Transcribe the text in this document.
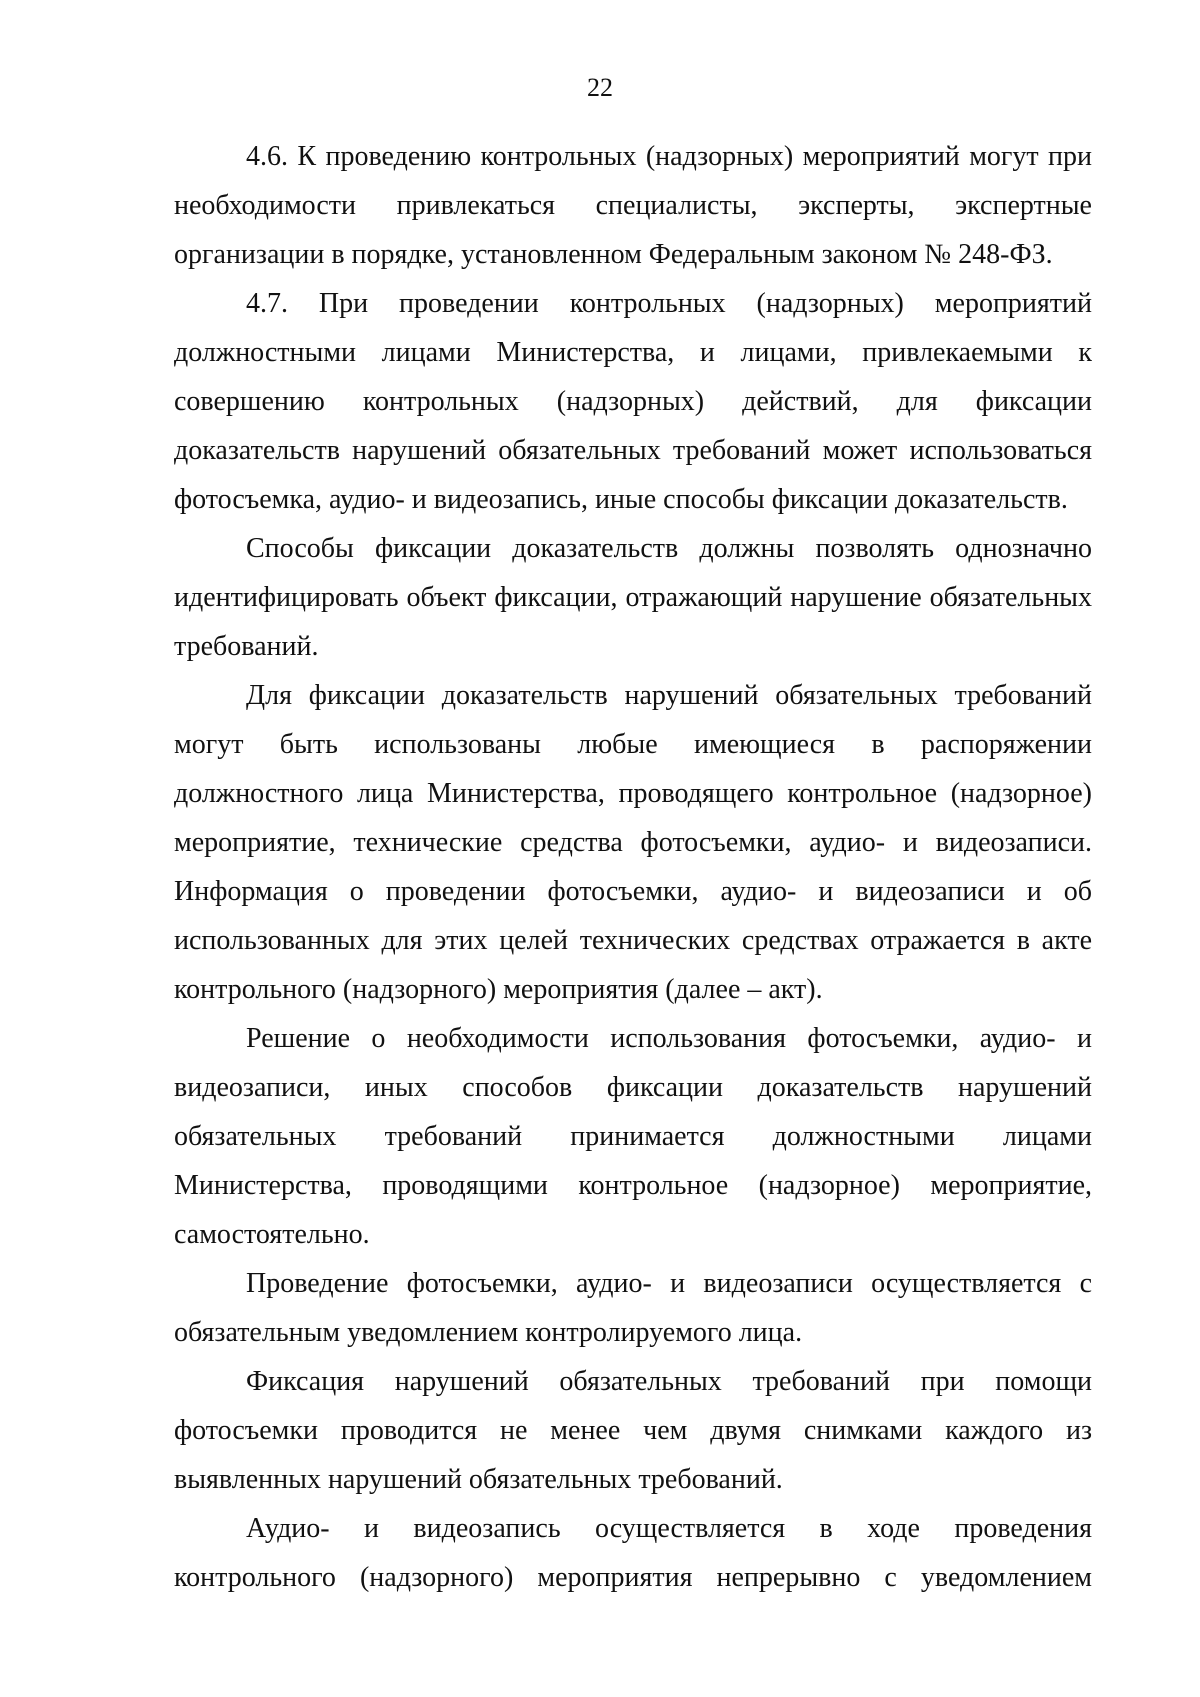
22

4.6. К проведению контрольных (надзорных) мероприятий могут при необходимости привлекаться специалисты, эксперты, экспертные организации в порядке, установленном Федеральным законом № 248-ФЗ.

4.7. При проведении контрольных (надзорных) мероприятий должностными лицами Министерства, и лицами, привлекаемыми к совершению контрольных (надзорных) действий, для фиксации доказательств нарушений обязательных требований может использоваться фотосъемка, аудио- и видеозапись, иные способы фиксации доказательств.

Способы фиксации доказательств должны позволять однозначно идентифицировать объект фиксации, отражающий нарушение обязательных требований.

Для фиксации доказательств нарушений обязательных требований могут быть использованы любые имеющиеся в распоряжении должностного лица Министерства, проводящего контрольное (надзорное) мероприятие, технические средства фотосъемки, аудио- и видеозаписи. Информация о проведении фотосъемки, аудио- и видеозаписи и об использованных для этих целей технических средствах отражается в акте контрольного (надзорного) мероприятия (далее – акт).

Решение о необходимости использования фотосъемки, аудио- и видеозаписи, иных способов фиксации доказательств нарушений обязательных требований принимается должностными лицами Министерства, проводящими контрольное (надзорное) мероприятие, самостоятельно.

Проведение фотосъемки, аудио- и видеозаписи осуществляется с обязательным уведомлением контролируемого лица.

Фиксация нарушений обязательных требований при помощи фотосъемки проводится не менее чем двумя снимками каждого из выявленных нарушений обязательных требований.

Аудио- и видеозапись осуществляется в ходе проведения контрольного (надзорного) мероприятия непрерывно с уведомлением
